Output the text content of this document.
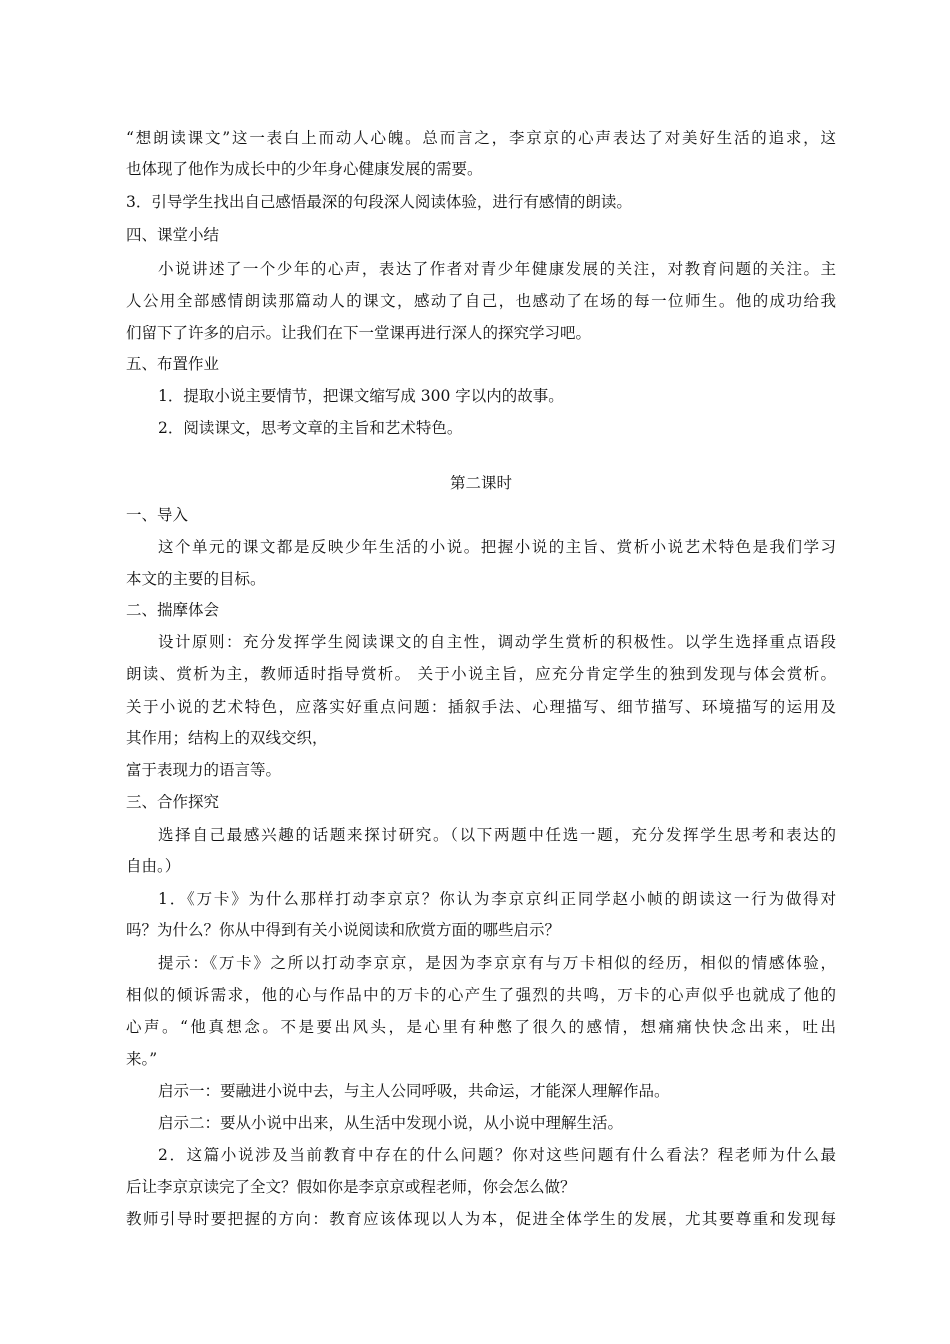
“想朗读课文”这一表白上而动人心魄。总而言之，李京京的心声表达了对美好生活的追求，这
也体现了他作为成长中的少年身心健康发展的需要。
3．引导学生找出自己感悟最深的句段深人阅读体验，进行有感情的朗读。
四、课堂小结
小说讲述了一个少年的心声，表达了作者对青少年健康发展的关注，对教育问题的关注。主
人公用全部感情朗读那篇动人的课文，感动了自己，也感动了在场的每一位师生。他的成功给我
们留下了许多的启示。让我们在下一堂课再进行深人的探究学习吧。
五、布置作业
1．提取小说主要情节，把课文缩写成 300 字以内的故事。
2．阅读课文，思考文章的主旨和艺术特色。
第二课时
一、导入
这个单元的课文都是反映少年生活的小说。把握小说的主旨、赏析小说艺术特色是我们学习
本文的主要的目标。
二、揣摩体会
设计原则：充分发挥学生阅读课文的自主性，调动学生赏析的积极性。以学生选择重点语段
朗读、赏析为主，教师适时指导赏析。 关于小说主旨，应充分肯定学生的独到发现与体会赏析。
关于小说的艺术特色，应落实好重点问题：插叙手法、心理描写、细节描写、环境描写的运用及
其作用；结构上的双线交织，
富于表现力的语言等。
三、合作探究
选择自己最感兴趣的话题来探讨研究。（以下两题中任选一题，充分发挥学生思考和表达的
自由。）
1．《万卡》为什么那样打动李京京？你认为李京京纠正同学赵小帧的朗读这一行为做得对
吗？为什么？你从中得到有关小说阅读和欣赏方面的哪些启示？
提示：《万卡》之所以打动李京京，是因为李京京有与万卡相似的经历，相似的情感体验，
相似的倾诉需求，他的心与作品中的万卡的心产生了强烈的共鸣，万卡的心声似乎也就成了他的
心声。“他真想念。不是要出风头，是心里有种憋了很久的感情，想痛痛快快念出来，吐出
来。”
启示一：要融进小说中去，与主人公同呼吸，共命运，才能深人理解作品。
启示二：要从小说中出来，从生活中发现小说，从小说中理解生活。
2．这篇小说涉及当前教育中存在的什么问题？你对这些问题有什么看法？程老师为什么最
后让李京京读完了全文？假如你是李京京或程老师，你会怎么做？
教师引导时要把握的方向：教育应该体现以人为本，促进全体学生的发展，尤其要尊重和发现每
